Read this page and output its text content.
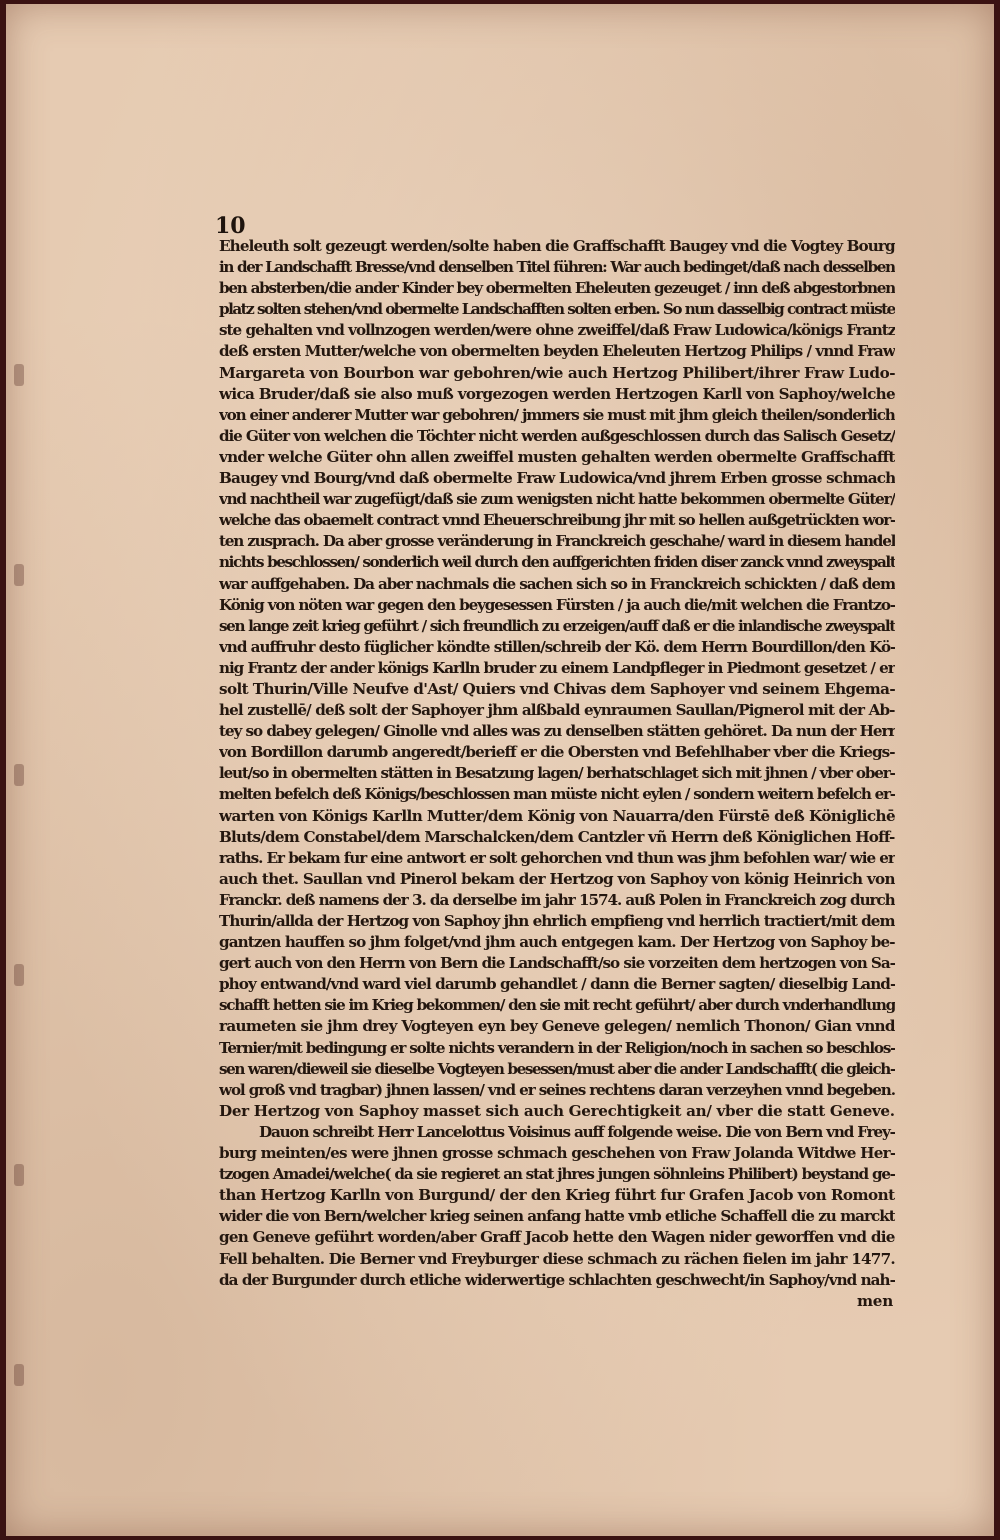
10
Eheleuth solt gezeugt werden/solte haben die Graffschafft Baugey vnd die Vogtey Bourg
in der Landschafft Bresse/vnd denselben Titel führen: War auch bedinget/daß nach desselben
ben absterben/die ander Kinder bey obermelten Eheleuten gezeuget / inn deß abgestorbnen
platz solten stehen/vnd obermelte Landschafften solten erben. So nun dasselbig contract müste
ste gehalten vnd vollnzogen werden/were ohne zweiffel/daß Fraw Ludowica/königs Frantz
deß ersten Mutter/welche von obermelten beyden Eheleuten Hertzog Philips / vnnd Fraw
Margareta von Bourbon war gebohren/wie auch Hertzog Philibert/ihrer Fraw Ludo-
wica Bruder/daß sie also muß vorgezogen werden Hertzogen Karll von Saphoy/welche
von einer anderer Mutter war gebohren/ jmmers sie must mit jhm gleich theilen/sonderlich
die Güter von welchen die Töchter nicht werden außgeschlossen durch das Salisch Gesetz/
vnder welche Güter ohn allen zweiffel musten gehalten werden obermelte Graffschafft
Baugey vnd Bourg/vnd daß obermelte Fraw Ludowica/vnd jhrem Erben grosse schmach
vnd nachtheil war zugefügt/daß sie zum wenigsten nicht hatte bekommen obermelte Güter/
welche das obaemelt contract vnnd Eheuerschreibung jhr mit so hellen außgetrückten wor-
ten zusprach. Da aber grosse veränderung in Franckreich geschahe/ ward in diesem handel
nichts beschlossen/ sonderlich weil durch den auffgerichten friden diser zanck vnnd zweyspalt
war auffgehaben. Da aber nachmals die sachen sich so in Franckreich schickten / daß dem
König von nöten war gegen den beygesessen Fürsten / ja auch die/mit welchen die Frantzo-
sen lange zeit krieg geführt / sich freundlich zu erzeigen/auff daß er die inlandische zweyspalt
vnd auffruhr desto füglicher köndte stillen/schreib der Kö. dem Herrn Bourdillon/den Kö-
nig Frantz der ander königs Karlln bruder zu einem Landpfleger in Piedmont gesetzet / er
solt Thurin/Ville Neufve d'Ast/ Quiers vnd Chivas dem Saphoyer vnd seinem Ehgema-
hel zustellē/ deß solt der Saphoyer jhm alßbald eynraumen Saullan/Pignerol mit der Ab-
tey so dabey gelegen/ Ginolle vnd alles was zu denselben stätten gehöret. Da nun der Herr
von Bordillon darumb angeredt/berieff er die Obersten vnd Befehlhaber vber die Kriegs-
leut/so in obermelten stätten in Besatzung lagen/ berhatschlaget sich mit jhnen / vber ober-
melten befelch deß Königs/beschlossen man müste nicht eylen / sondern weitern befelch er-
warten von Königs Karlln Mutter/dem König von Nauarra/den Fürstē deß Königlichē
Bluts/dem Constabel/dem Marschalcken/dem Cantzler vñ Herrn deß Königlichen Hoff-
raths. Er bekam fur eine antwort er solt gehorchen vnd thun was jhm befohlen war/ wie er
auch thet. Saullan vnd Pinerol bekam der Hertzog von Saphoy von könig Heinrich von
Franckr. deß namens der 3. da derselbe im jahr 1574. auß Polen in Franckreich zog durch
Thurin/allda der Hertzog von Saphoy jhn ehrlich empfieng vnd herrlich tractiert/mit dem
gantzen hauffen so jhm folget/vnd jhm auch entgegen kam. Der Hertzog von Saphoy be-
gert auch von den Herrn von Bern die Landschafft/so sie vorzeiten dem hertzogen von Sa-
phoy entwand/vnd ward viel darumb gehandlet / dann die Berner sagten/ dieselbig Land-
schafft hetten sie im Krieg bekommen/ den sie mit recht geführt/ aber durch vnderhandlung
raumeten sie jhm drey Vogteyen eyn bey Geneve gelegen/ nemlich Thonon/ Gian vnnd
Ternier/mit bedingung er solte nichts verandern in der Religion/noch in sachen so beschlos-
sen waren/dieweil sie dieselbe Vogteyen besessen/must aber die ander Landschafft( die gleich-
wol groß vnd tragbar) jhnen lassen/ vnd er seines rechtens daran verzeyhen vnnd begeben.
Der Hertzog von Saphoy masset sich auch Gerechtigkeit an/ vber die statt Geneve.
Dauon schreibt Herr Lancelottus Voisinus auff folgende weise. Die von Bern vnd Frey-
burg meinten/es were jhnen grosse schmach geschehen von Fraw Jolanda Witdwe Her-
tzogen Amadei/welche( da sie regieret an stat jhres jungen söhnleins Philibert) beystand ge-
than Hertzog Karlln von Burgund/ der den Krieg führt fur Grafen Jacob von Romont
wider die von Bern/welcher krieg seinen anfang hatte vmb etliche Schaffell die zu marckt
gen Geneve geführt worden/aber Graff Jacob hette den Wagen nider geworffen vnd die
Fell behalten. Die Berner vnd Freyburger diese schmach zu rächen fielen im jahr 1477.
da der Burgunder durch etliche widerwertige schlachten geschwecht/in Saphoy/vnd nah-
men
